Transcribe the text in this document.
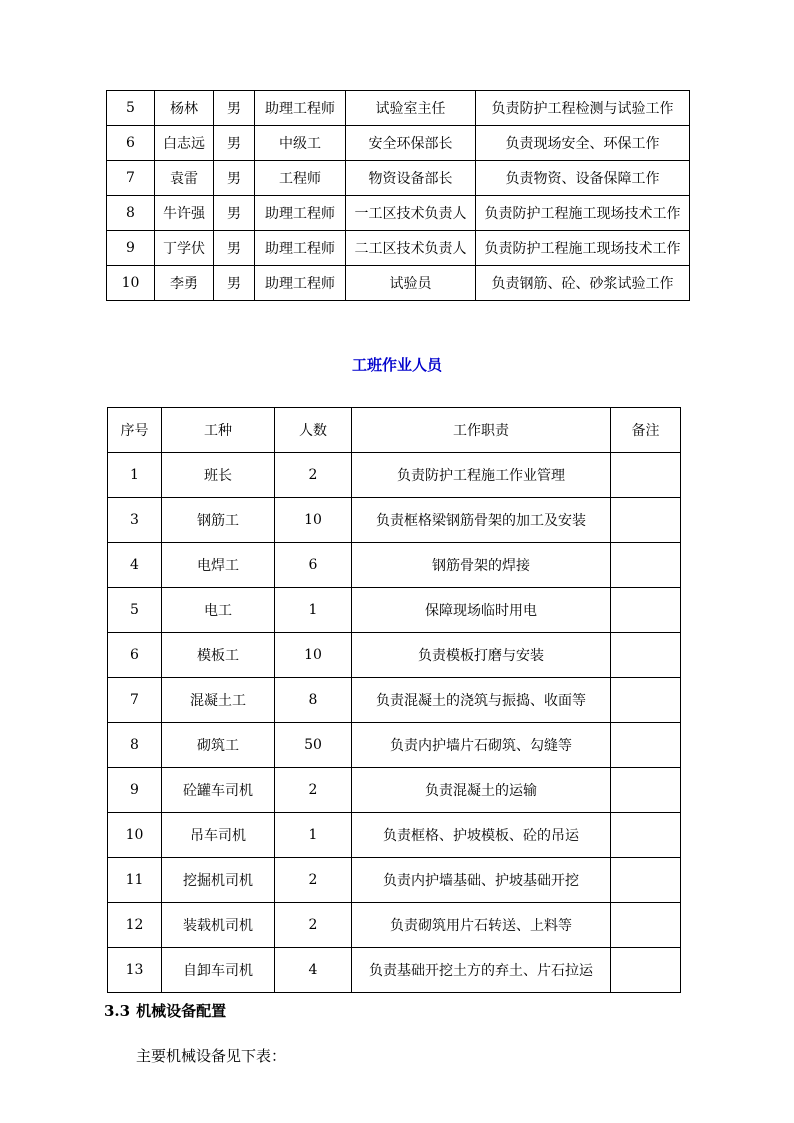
5	杨林	男	助理工程师	试验室主任	负责防护工程检测与试验工作
6	白志远	男	中级工	安全环保部长	负责现场安全、环保工作
7	袁雷	男	工程师	物资设备部长	负责物资、设备保障工作
8	牛许强	男	助理工程师	一工区技术负责人	负责防护工程施工现场技术工作
9	丁学伏	男	助理工程师	二工区技术负责人	负责防护工程施工现场技术工作
10	李勇	男	助理工程师	试验员	负责钢筋、砼、砂浆试验工作
工班作业人员
序号	工种	人数	工作职责	备注
1	班长	2	负责防护工程施工作业管理	
3	钢筋工	10	负责框格梁钢筋骨架的加工及安装	
4	电焊工	6	钢筋骨架的焊接	
5	电工	1	保障现场临时用电	
6	模板工	10	负责模板打磨与安装	
7	混凝土工	8	负责混凝土的浇筑与振捣、收面等	
8	砌筑工	50	负责内护墙片石砌筑、勾缝等	
9	砼罐车司机	2	负责混凝土的运输	
10	吊车司机	1	负责框格、护坡模板、砼的吊运	
11	挖掘机司机	2	负责内护墙基础、护坡基础开挖	
12	装载机司机	2	负责砌筑用片石转送、上料等	
13	自卸车司机	4	负责基础开挖土方的弃土、片石拉运	
3.3 机械设备配置
主要机械设备见下表：
